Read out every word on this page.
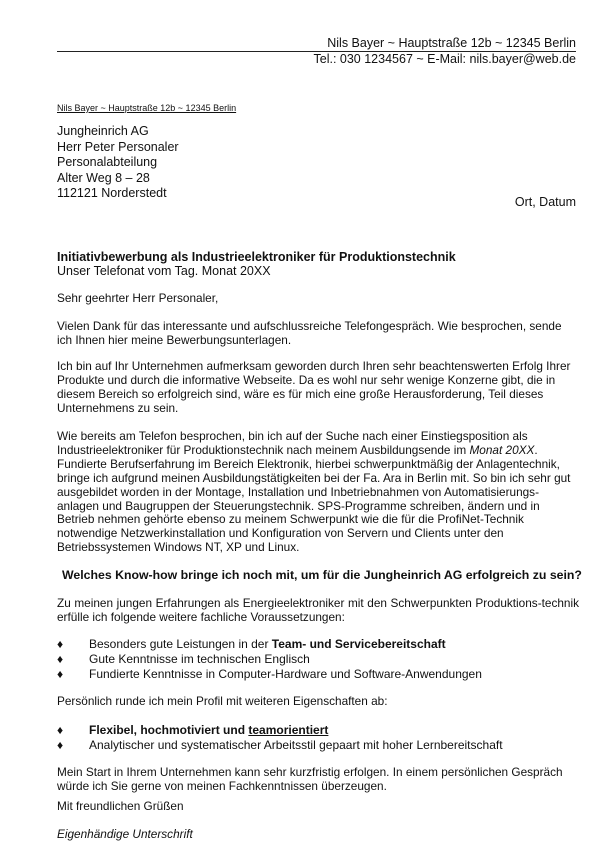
Nils Bayer ~ Hauptstraße 12b ~ 12345 Berlin
Tel.: 030 1234567 ~ E-Mail: nils.bayer@web.de
Nils Bayer ~ Hauptstraße 12b ~ 12345 Berlin
Jungheinrich AG
Herr Peter Personaler
Personalabteilung
Alter Weg 8 – 28
112121 Norderstedt
Ort, Datum
Initiativbewerbung als Industrieelektroniker für Produktionstechnik
Unser Telefonat vom Tag. Monat 20XX
Sehr geehrter Herr Personaler,
Vielen Dank für das interessante und aufschlussreiche Telefongespräch. Wie besprochen, sende ich Ihnen hier meine Bewerbungsunterlagen.
Ich bin auf Ihr Unternehmen aufmerksam geworden durch Ihren sehr beachtenswerten Erfolg Ihrer Produkte und durch die informative Webseite. Da es wohl nur sehr wenige Konzerne gibt, die in diesem Bereich so erfolgreich sind, wäre es für mich eine große Herausforderung, Teil dieses Unternehmens zu sein.
Wie bereits am Telefon besprochen, bin ich auf der Suche nach einer Einstiegsposition als Industrieelektroniker für Produktionstechnik nach meinem Ausbildungsende im Monat 20XX. Fundierte Berufserfahrung im Bereich Elektronik, hierbei schwerpunktmäßig der Anlagentechnik, bringe ich aufgrund meinen Ausbildungstätigkeiten bei der Fa. Ara in Berlin mit. So bin ich sehr gut ausgebildet worden in der Montage, Installation und Inbetriebnahmen von Automatisierungs-anlagen und Baugruppen der Steuerungstechnik. SPS-Programme schreiben, ändern und in Betrieb nehmen gehörte ebenso zu meinem Schwerpunkt wie die für die ProfiNet-Technik notwendige Netzwerkinstallation und Konfiguration von Servern und Clients unter den Betriebssystemen Windows NT, XP und Linux.
Welches Know-how bringe ich noch mit, um für die Jungheinrich AG erfolgreich zu sein?
Zu meinen jungen Erfahrungen als Energieelektroniker mit den Schwerpunkten Produktions-technik erfülle ich folgende weitere fachliche Voraussetzungen:
♦	Besonders gute Leistungen in der Team- und Servicebereitschaft
♦	Gute Kenntnisse im technischen Englisch
♦	Fundierte Kenntnisse in Computer-Hardware und Software-Anwendungen
Persönlich runde ich mein Profil mit weiteren Eigenschaften ab:
♦	Flexibel, hochmotiviert und teamorientiert
♦	Analytischer und systematischer Arbeitsstil gepaart mit hoher Lernbereitschaft
Mein Start in Ihrem Unternehmen kann sehr kurzfristig erfolgen. In einem persönlichen Gespräch würde ich Sie gerne von meinen Fachkenntnissen überzeugen.
Mit freundlichen Grüßen
Eigenhändige Unterschrift
